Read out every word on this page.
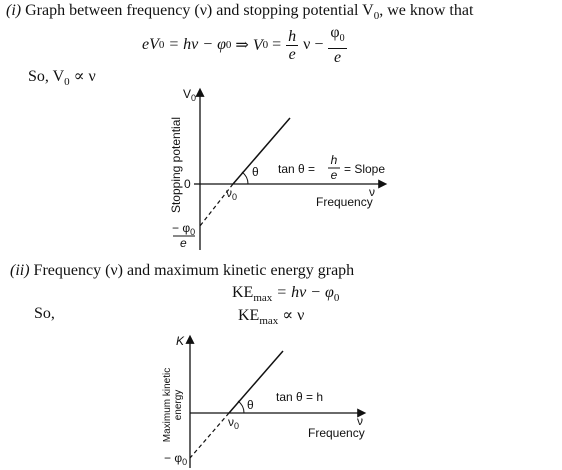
(i) Graph between frequency (ν) and stopping potential $V_0$, we know that
eV 0 = hν − φ 0 ⇒ V $0 = \frac{h}{e}$ $\nu - \frac{\varphi_0}{e}$
So, $V_0 \propto \nu$
$V_0$
Stopping potential 0
$\nu_0$
θ tan θ =
h
e = Slope
ν
Frequency
− $\varphi_0$
e
K
Maximum kinetic energy
$\nu_0$
θ
tan θ = h
ν
Frequency
− $\varphi_0$
(ii) Frequency (ν) and maximum kinetic energy graph
$KE_{max} = h\nu - \varphi_0$
So,	$KE_{max} \propto \nu$
